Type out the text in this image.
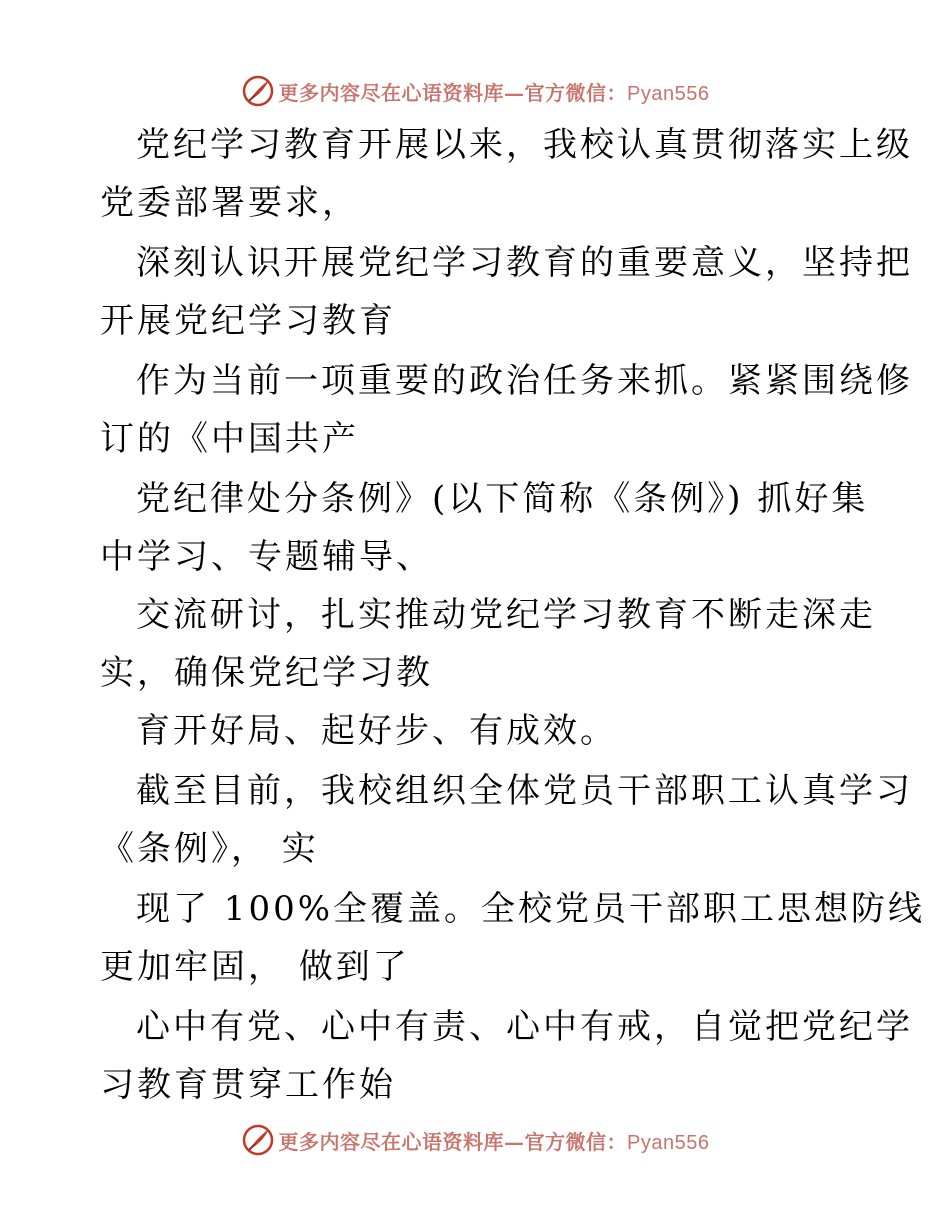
更多内容尽在心语资料库—官方微信：Pyan556
党纪学习教育开展以来，我校认真贯彻落实上级
党委部署要求，
深刻认识开展党纪学习教育的重要意义，坚持把
开展党纪学习教育
作为当前一项重要的政治任务来抓。紧紧围绕修
订的《中国共产
党纪律处分条例》(以下简称《条例》) 抓好集
中学习、专题辅导、
交流研讨，扎实推动党纪学习教育不断走深走
实，确保党纪学习教
育开好局、起好步、有成效。
截至目前，我校组织全体党员干部职工认真学习
《条例》， 实
现了 100%全覆盖。全校党员干部职工思想防线
更加牢固， 做到了
心中有党、心中有责、心中有戒，自觉把党纪学
习教育贯穿工作始
更多内容尽在心语资料库—官方微信：Pyan556
